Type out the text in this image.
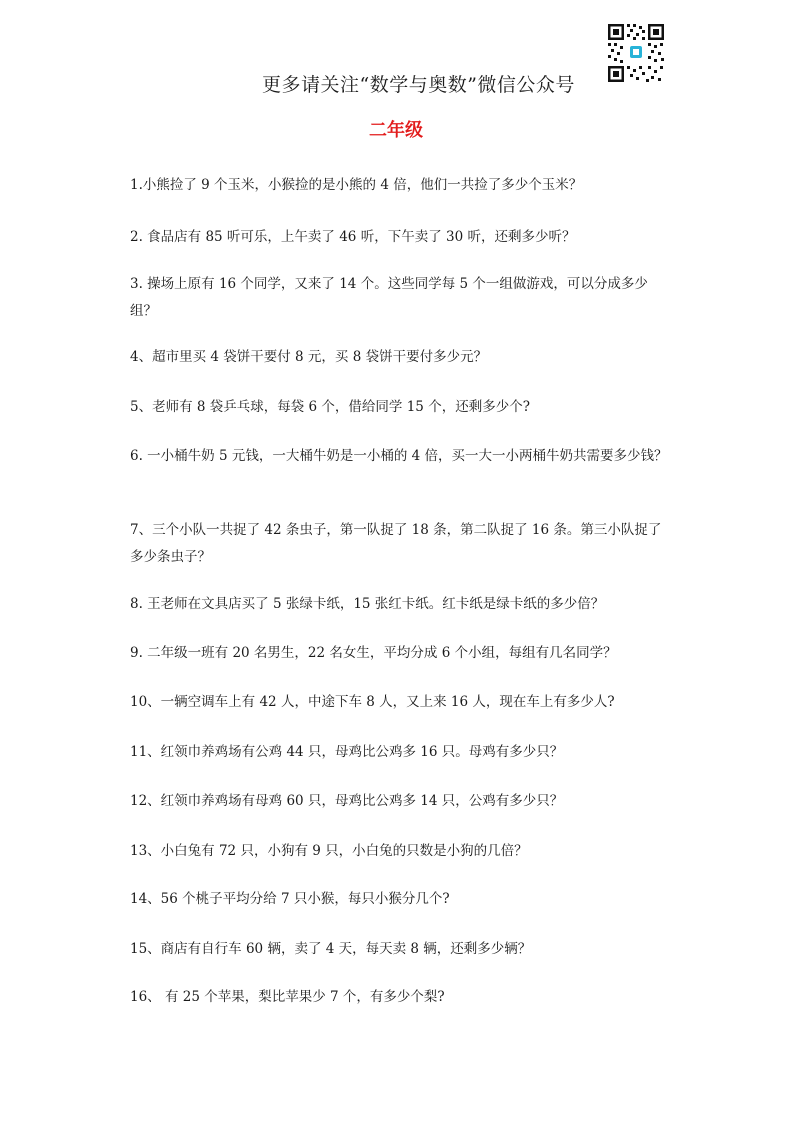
更多请关注“数学与奥数”微信公众号
二年级
1.小熊捡了 9 个玉米，小猴捡的是小熊的 4 倍，他们一共捡了多少个玉米？
2. 食品店有 85 听可乐，上午卖了 46 听，下午卖了 30 听，还剩多少听？
3. 操场上原有 16 个同学，又来了 14 个。这些同学每 5 个一组做游戏，可以分成多少组？
4、超市里买 4 袋饼干要付 8 元，买 8 袋饼干要付多少元？
5、老师有 8 袋乒乓球，每袋 6 个，借给同学 15 个，还剩多少个?
6. 一小桶牛奶 5 元钱，一大桶牛奶是一小桶的 4 倍，买一大一小两桶牛奶共需要多少钱？
7、三个小队一共捉了 42 条虫子，第一队捉了 18 条，第二队捉了 16 条。第三小队捉了多少条虫子？
8. 王老师在文具店买了 5 张绿卡纸，15 张红卡纸。红卡纸是绿卡纸的多少倍？
9. 二年级一班有 20 名男生，22 名女生，平均分成 6 个小组，每组有几名同学？
10、一辆空调车上有 42 人，中途下车 8 人，又上来 16 人，现在车上有多少人?
11、红领巾养鸡场有公鸡 44 只，母鸡比公鸡多 16 只。母鸡有多少只？
12、红领巾养鸡场有母鸡 60 只，母鸡比公鸡多 14 只，公鸡有多少只？
13、小白兔有 72 只，小狗有 9 只，小白兔的只数是小狗的几倍？
14、56 个桃子平均分给 7 只小猴，每只小猴分几个?
15、商店有自行车 60 辆，卖了 4 天，每天卖 8 辆，还剩多少辆？
16、 有 25 个苹果，梨比苹果少 7 个，有多少个梨?
